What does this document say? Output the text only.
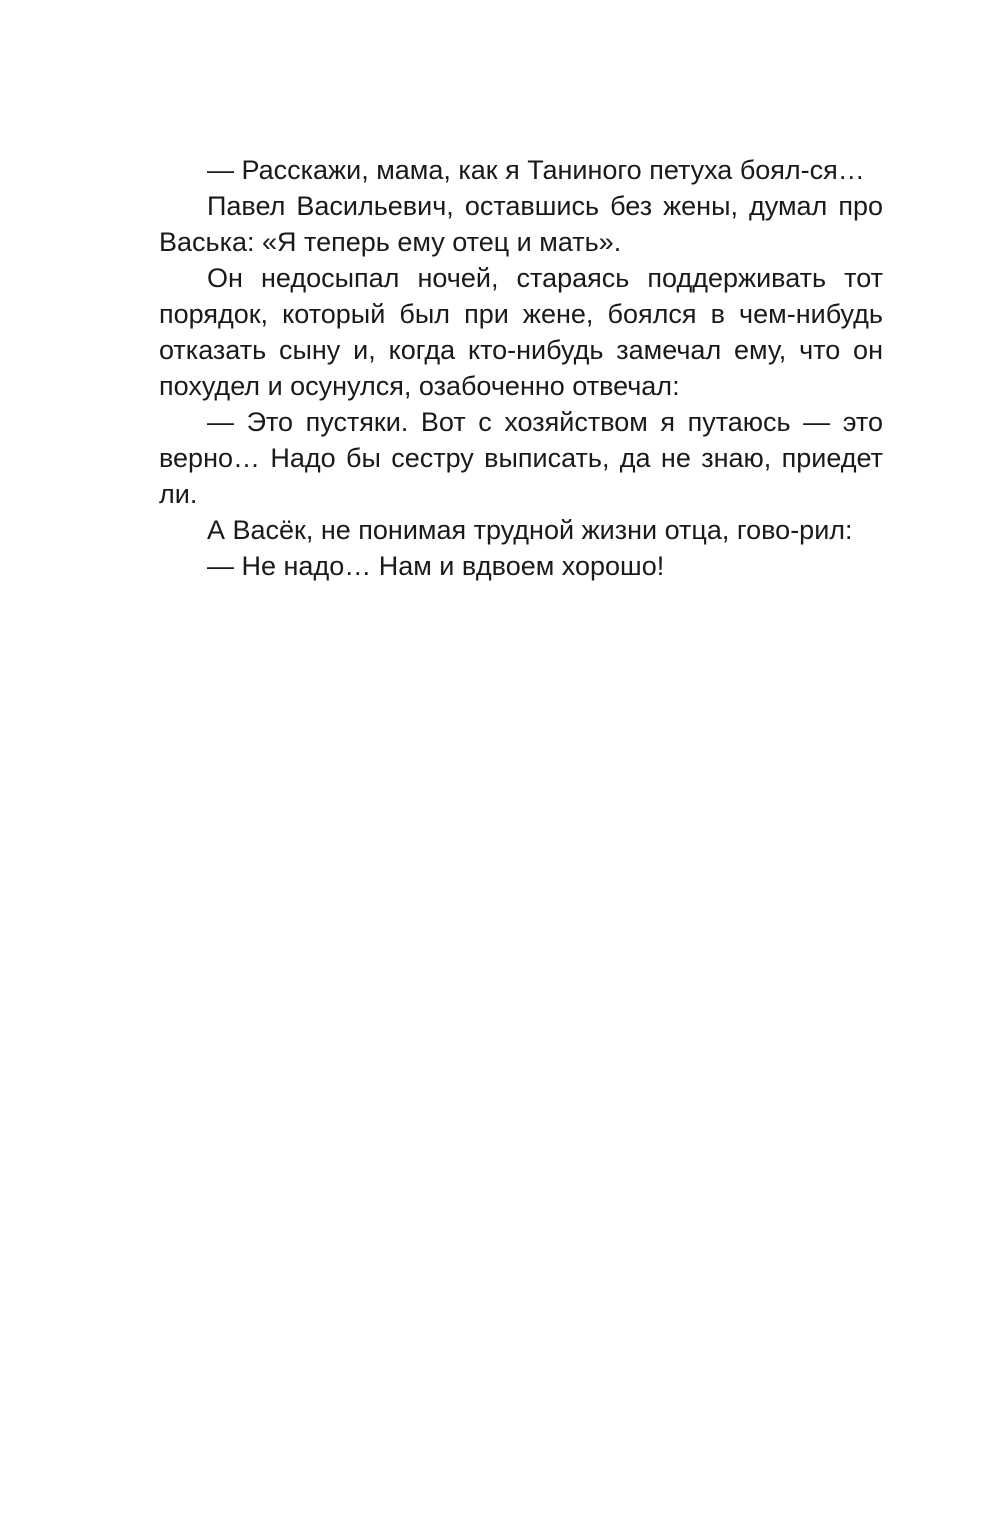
— Расскажи, мама, как я Таниного петуха боял-ся…

Павел Васильевич, оставшись без жены, думал про Васька: «Я теперь ему отец и мать».

Он недосыпал ночей, стараясь поддерживать тот порядок, который был при жене, боялся в чем-нибудь отказать сыну и, когда кто-нибудь замечал ему, что он похудел и осунулся, озабоченно отвечал:

— Это пустяки. Вот с хозяйством я путаюсь — это верно… Надо бы сестру выписать, да не знаю, приедет ли.

А Васёк, не понимая трудной жизни отца, гово-рил:

— Не надо… Нам и вдвоем хорошо!
